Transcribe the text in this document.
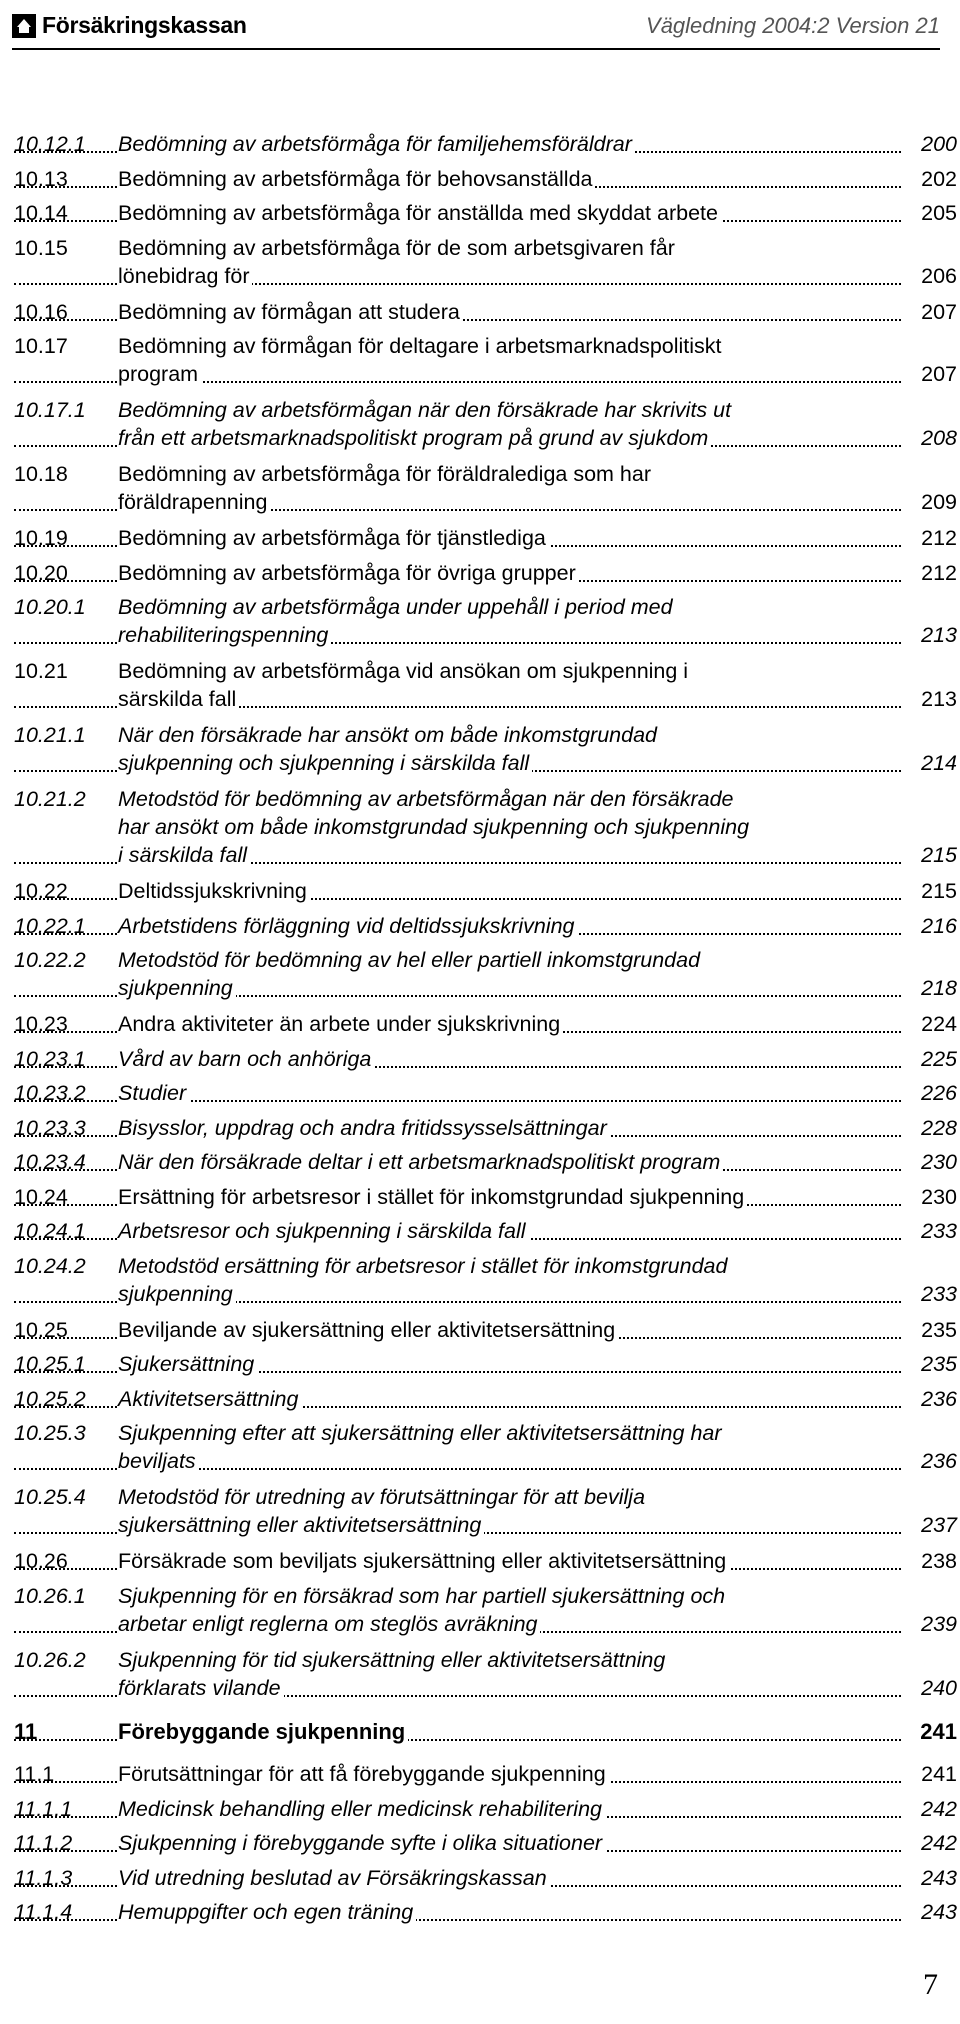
Försäkringskassan	Vägledning 2004:2 Version 21
10.12.1 Bedömning av arbetsförmåga för familjehemsföräldrar	200
10.13 Bedömning av arbetsförmåga för behovsanställda	202
10.14 Bedömning av arbetsförmåga för anställda med skyddat arbete	205
10.15 Bedömning av arbetsförmåga för de som arbetsgivaren får
lönebidrag för	206
10.16 Bedömning av förmågan att studera	207
10.17 Bedömning av förmågan för deltagare i arbetsmarknadspolitiskt
program	207
10.17.1 Bedömning av arbetsförmågan när den försäkrade har skrivits ut
från ett arbetsmarknadspolitiskt program på grund av sjukdom	208
10.18 Bedömning av arbetsförmåga för föräldralediga som har
föräldrapenning	209
10.19 Bedömning av arbetsförmåga för tjänstlediga	212
10.20 Bedömning av arbetsförmåga för övriga grupper	212
10.20.1 Bedömning av arbetsförmåga under uppehåll i period med
rehabiliteringspenning	213
10.21 Bedömning av arbetsförmåga vid ansökan om sjukpenning i
särskilda fall	213
10.21.1 När den försäkrade har ansökt om både inkomstgrundad
sjukpenning och sjukpenning i särskilda fall	214
10.21.2 Metodstöd för bedömning av arbetsförmågan när den försäkrade
har ansökt om både inkomstgrundad sjukpenning och sjukpenning
i särskilda fall	215
10.22 Deltidssjukskrivning	215
10.22.1 Arbetstidens förläggning vid deltidssjukskrivning	216
10.22.2 Metodstöd för bedömning av hel eller partiell inkomstgrundad
sjukpenning	218
10.23 Andra aktiviteter än arbete under sjukskrivning	224
10.23.1 Vård av barn och anhöriga	225
10.23.2 Studier	226
10.23.3 Bisysslor, uppdrag och andra fritidssysselsättningar	228
10.23.4 När den försäkrade deltar i ett arbetsmarknadspolitiskt program	230
10.24 Ersättning för arbetsresor i stället för inkomstgrundad sjukpenning	230
10.24.1 Arbetsresor och sjukpenning i särskilda fall	233
10.24.2 Metodstöd ersättning för arbetsresor i stället för inkomstgrundad
sjukpenning	233
10.25 Beviljande av sjukersättning eller aktivitetsersättning	235
10.25.1 Sjukersättning	235
10.25.2 Aktivitetsersättning	236
10.25.3 Sjukpenning efter att sjukersättning eller aktivitetsersättning har
beviljats	236
10.25.4 Metodstöd för utredning av förutsättningar för att bevilja
sjukersättning eller aktivitetsersättning	237
10.26 Försäkrade som beviljats sjukersättning eller aktivitetsersättning	238
10.26.1 Sjukpenning för en försäkrad som har partiell sjukersättning och
arbetar enligt reglerna om steglös avräkning	239
10.26.2 Sjukpenning för tid sjukersättning eller aktivitetsersättning
förklarats vilande	240
11	Förebyggande sjukpenning	241
11.1	Förutsättningar för att få förebyggande sjukpenning	241
11.1.1 Medicinsk behandling eller medicinsk rehabilitering	242
11.1.2 Sjukpenning i förebyggande syfte i olika situationer	242
11.1.3 Vid utredning beslutad av Försäkringskassan	243
11.1.4 Hemuppgifter och egen träning	243
7
